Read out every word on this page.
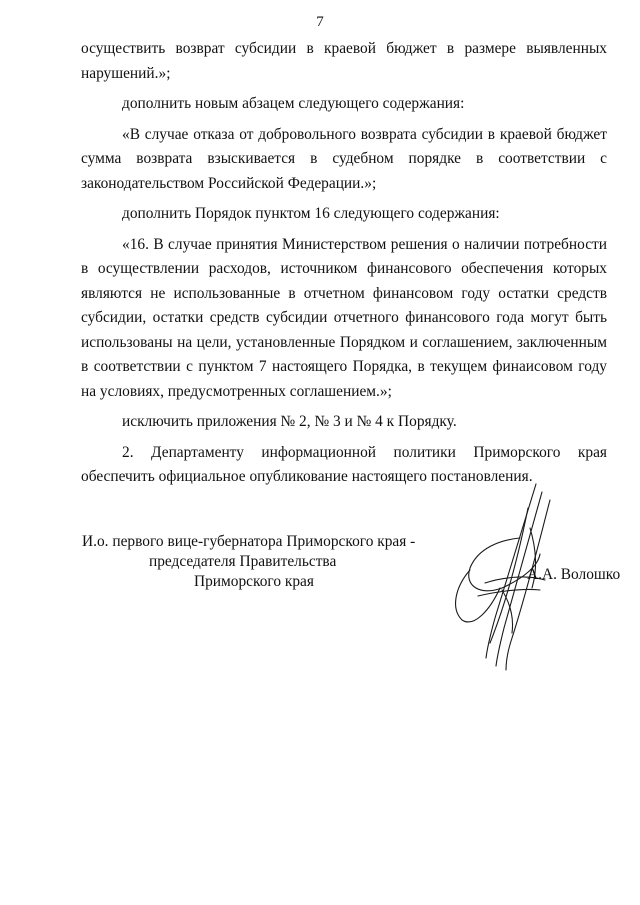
7

осуществить возврат субсидии в краевой бюджет в размере выявленных нарушений.»;

дополнить новым абзацем следующего содержания:

«В случае отказа от добровольного возврата субсидии в краевой бюджет сумма возврата взыскивается в судебном порядке в соответствии с законодательством Российской Федерации.»;

дополнить Порядок пунктом 16 следующего содержания:

«16. В случае принятия Министерством решения о наличии потребности в осуществлении расходов, источником финансового обеспечения которых являются не использованные в отчетном финансовом году остатки средств субсидии, остатки средств субсидии отчетного финансового года могут быть использованы на цели, установленные Порядком и соглашением, заключенным в соответствии с пунктом 7 настоящего Порядка, в текущем финаисовом году на условиях, предусмотренных соглашением.»;

исключить приложения № 2, № 3 и № 4 к Порядку.

2. Департаменту информационной политики Приморского края обеспечить официальное опубликование настоящего постановления.

И.о. первого вице-губернатора Приморского края -
председателя Правительства
Приморского края	А.А. Волошко
